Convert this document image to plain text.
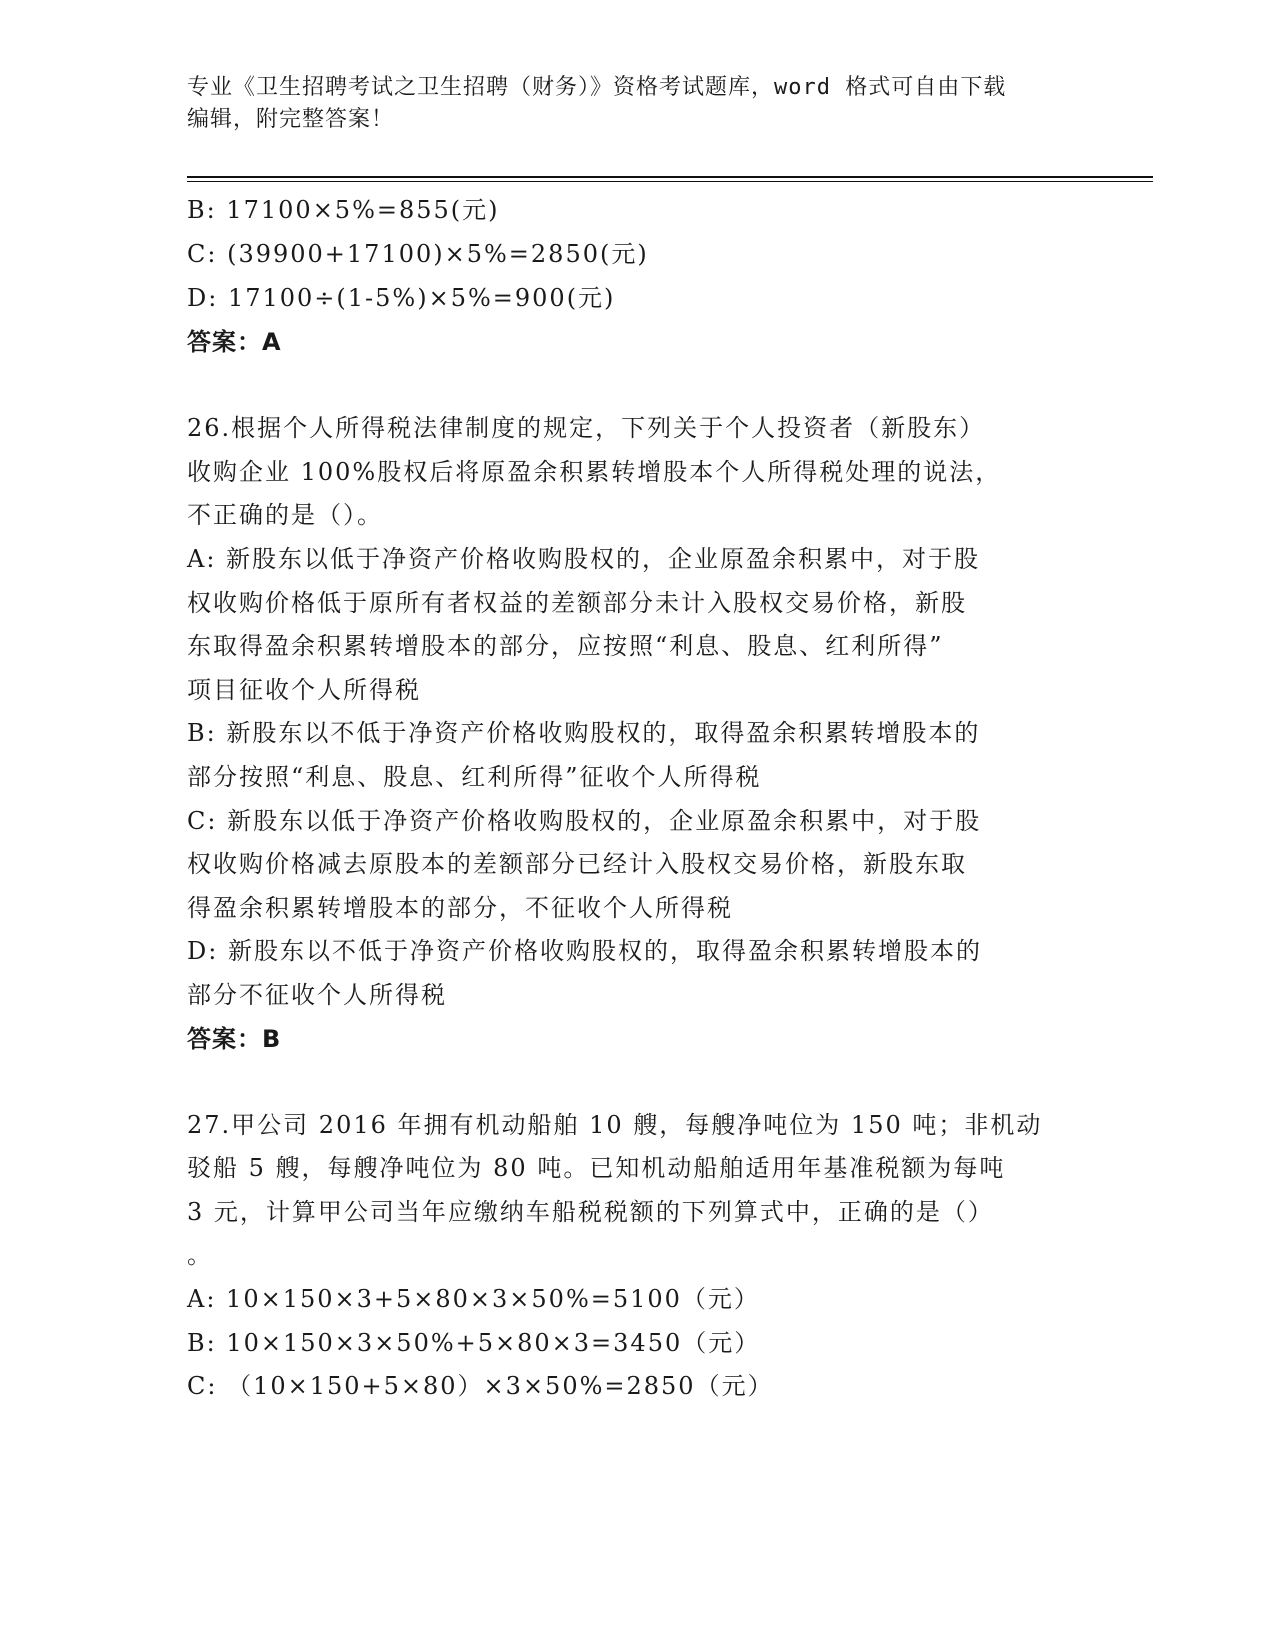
专业《卫生招聘考试之卫生招聘（财务）》资格考试题库，word 格式可自由下载
编辑，附完整答案！
B: 17100×5%=855(元)
C: (39900+17100)×5%=2850(元)
D: 17100÷(1-5%)×5%=900(元)
答案：A
26.根据个人所得税法律制度的规定，下列关于个人投资者（新股东）
收购企业 100%股权后将原盈余积累转增股本个人所得税处理的说法，
不正确的是（）。
A: 新股东以低于净资产价格收购股权的，企业原盈余积累中，对于股
权收购价格低于原所有者权益的差额部分未计入股权交易价格，新股
东取得盈余积累转增股本的部分，应按照“利息、股息、红利所得”
项目征收个人所得税
B: 新股东以不低于净资产价格收购股权的，取得盈余积累转增股本的
部分按照“利息、股息、红利所得”征收个人所得税
C: 新股东以低于净资产价格收购股权的，企业原盈余积累中，对于股
权收购价格减去原股本的差额部分已经计入股权交易价格，新股东取
得盈余积累转增股本的部分，不征收个人所得税
D: 新股东以不低于净资产价格收购股权的，取得盈余积累转增股本的
部分不征收个人所得税
答案：B
27.甲公司 2016 年拥有机动船舶 10 艘，每艘净吨位为 150 吨；非机动
驳船 5 艘，每艘净吨位为 80 吨。已知机动船舶适用年基准税额为每吨
3 元，计算甲公司当年应缴纳车船税税额的下列算式中，正确的是（）
。
A: 10×150×3+5×80×3×50%=5100（元）
B: 10×150×3×50%+5×80×3=3450（元）
C: （10×150+5×80）×3×50%=2850（元）
